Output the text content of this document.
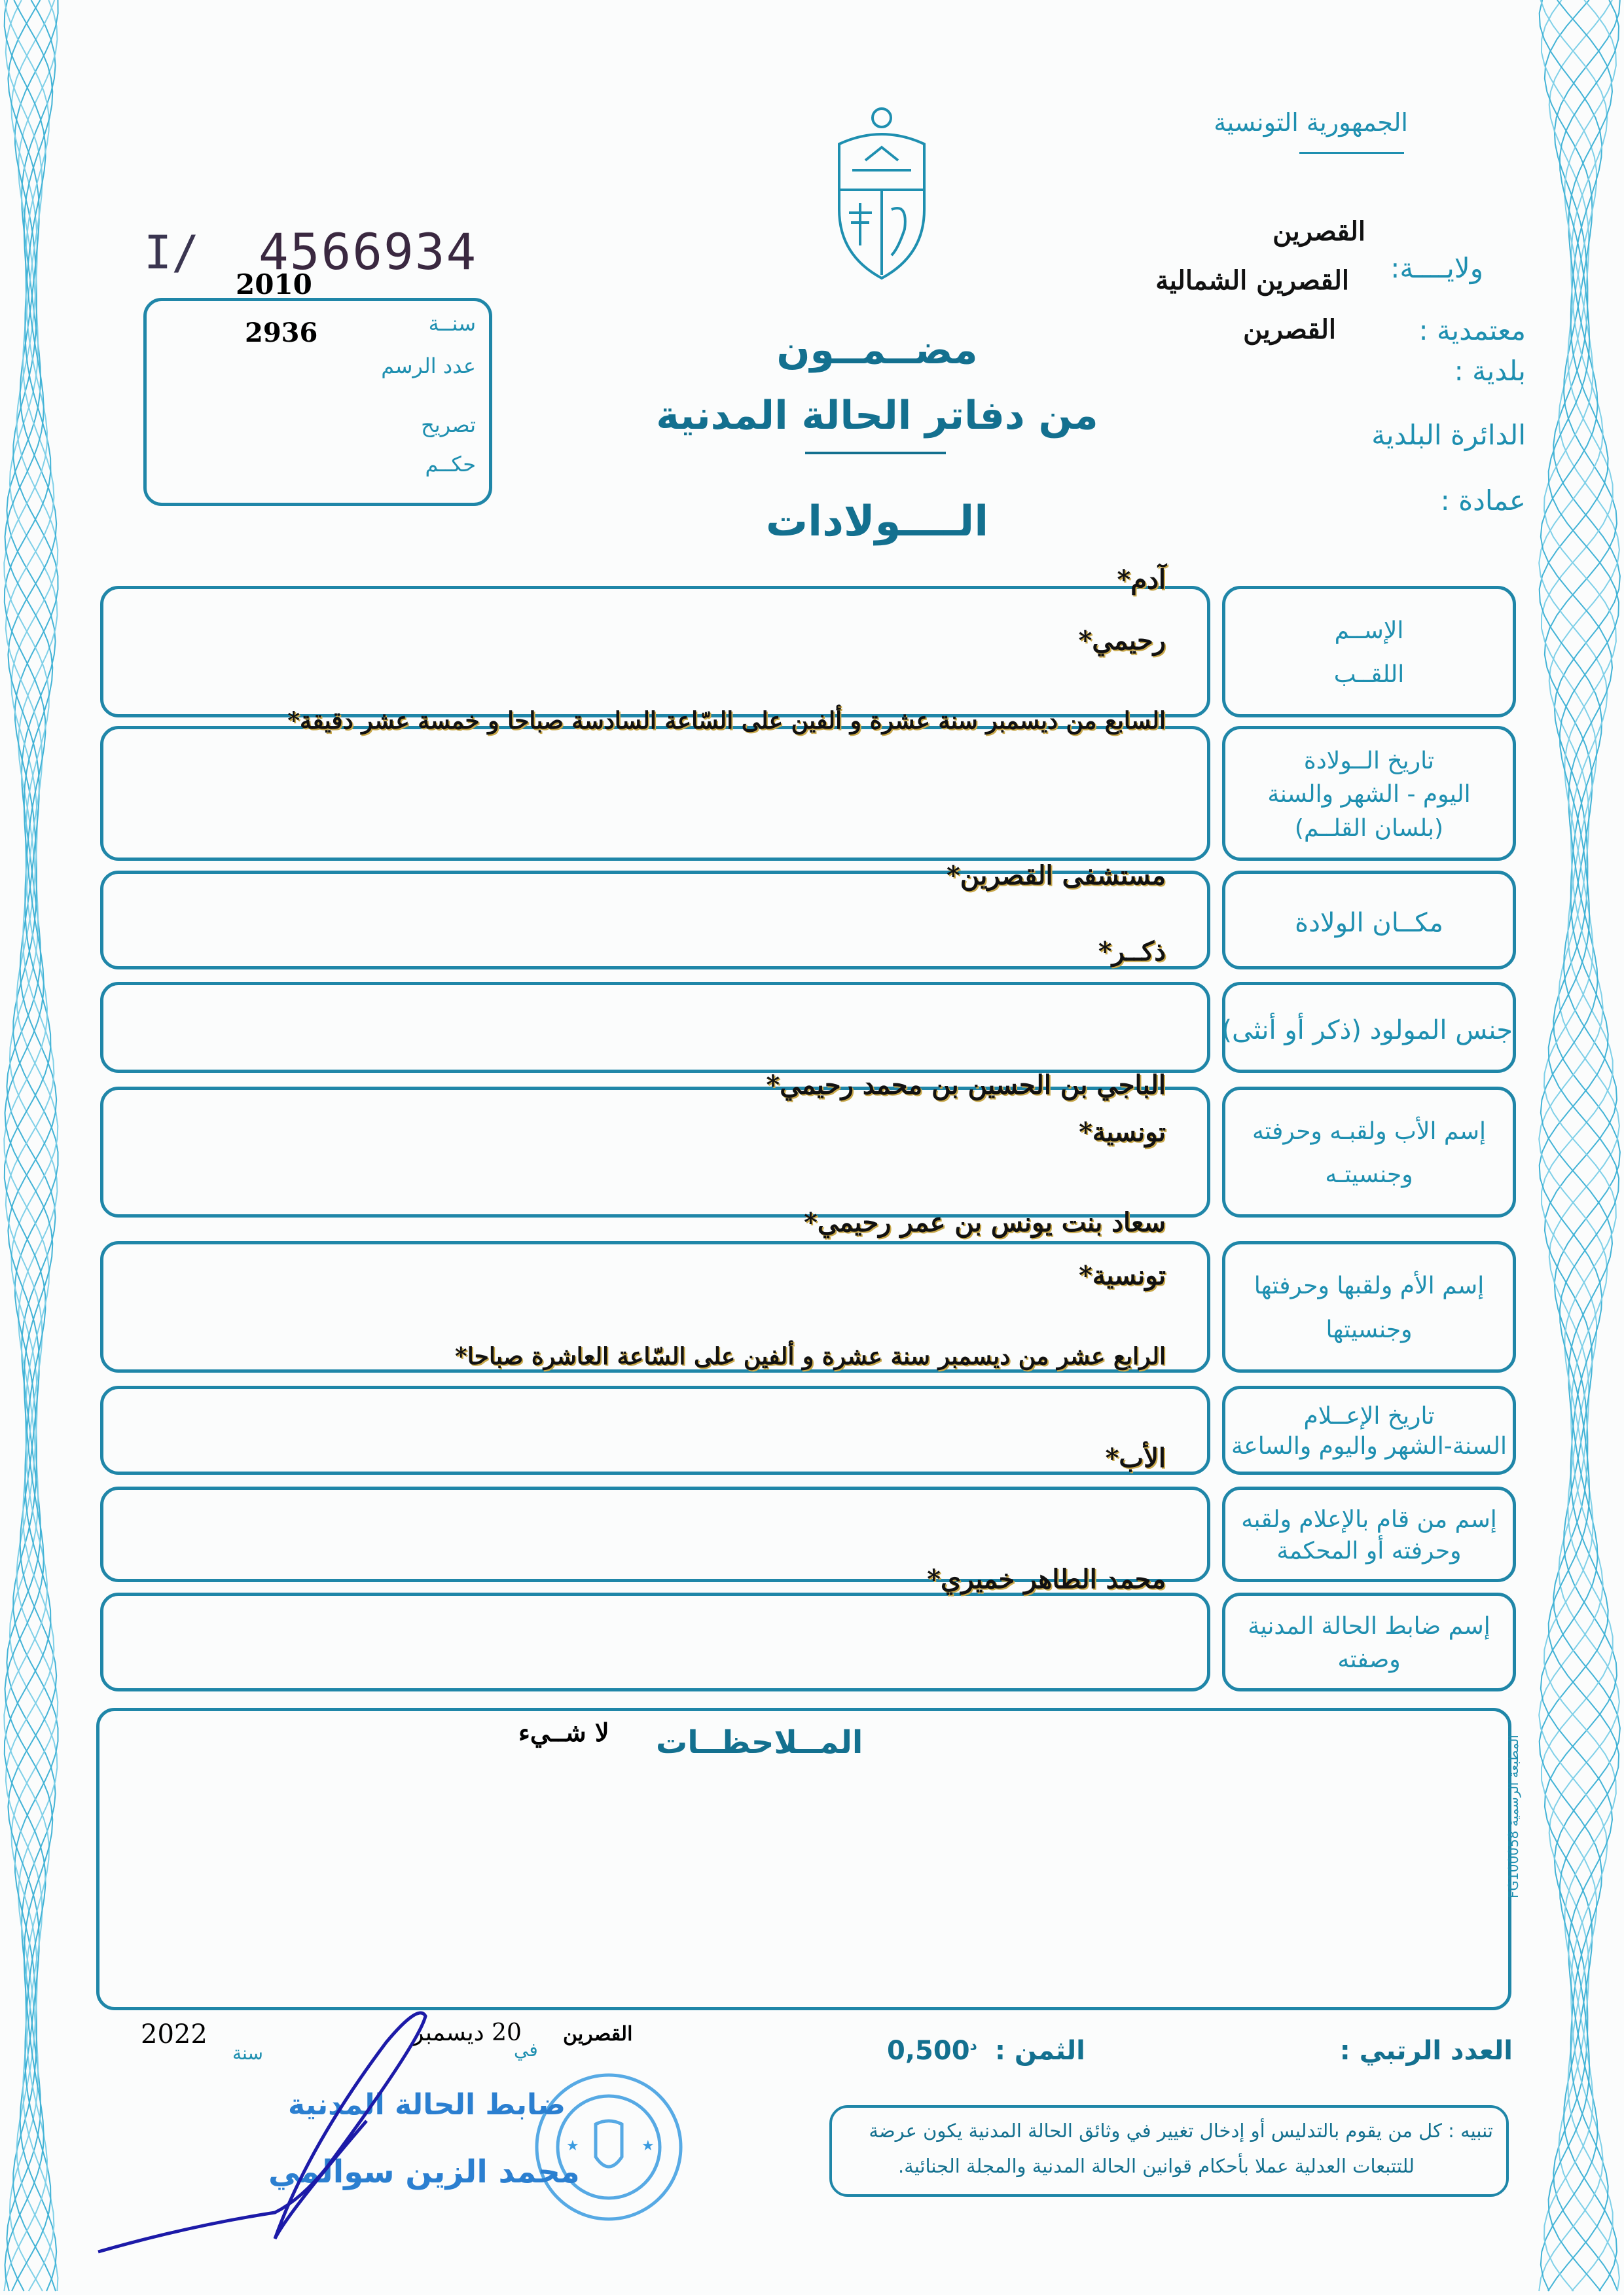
الجمهورية التونسية
ولايــــة:
القصرين
القصرين الشمالية
معتمدية :
القصرين
بلدية :
الدائرة البلدية
عمادة :
I/ 4566934
2010
سنــة
2936
عدد الرسم
تصريح
حكــم
مضــمــون
من دفاتر الحالة المدنية
الــــولادات
الإســم
اللقــب
تاريخ الــولادة
اليوم - الشهر والسنة
(بلسان القلــم)
مكــان الولادة
جنس المولود (ذكر أو أنثى)
إسم الأب ولقبـه وحرفته
وجنسيتـه
إسم الأم ولقبها وحرفتها
وجنسيتها
تاريخ الإعــلام
السنة-الشهر واليوم والساعة
إسم من قام بالإعلام ولقبه
وحرفته أو المحكمة
إسم ضابط الحالة المدنية
وصفته
آدم*
رحيمي*
السابع من ديسمبر سنة عشرة و ألفين على السّاعة السادسة صباحا و خمسة عشر دقيقة*
مستشفى القصرين*
ذكــر*
الباجي بن الحسين بن محمد رحيمي*
تونسية*
سعاد بنت يونس بن عمر رحيمي*
تونسية*
الرابع عشر من ديسمبر سنة عشرة و ألفين على السّاعة العاشرة صباحا*
الأب*
محمد الطاهر خميري*
المــلاحظــات
لا شــيء
المطبعة الرسمية FG100058
القصرين
20 ديسمبر
في
سنة
2022
العدد الرتبي :
الثمن :
$0,500^د$
تنبيه : كل من يقوم بالتدليس أو إدخال تغيير في وثائق الحالة المدنية يكون عرضة
للتتبعات العدلية عملا بأحكام قوانين الحالة المدنية والمجلة الجنائية.
★	★
ضابط الحالة المدنية
محمد الزين سوالمي
